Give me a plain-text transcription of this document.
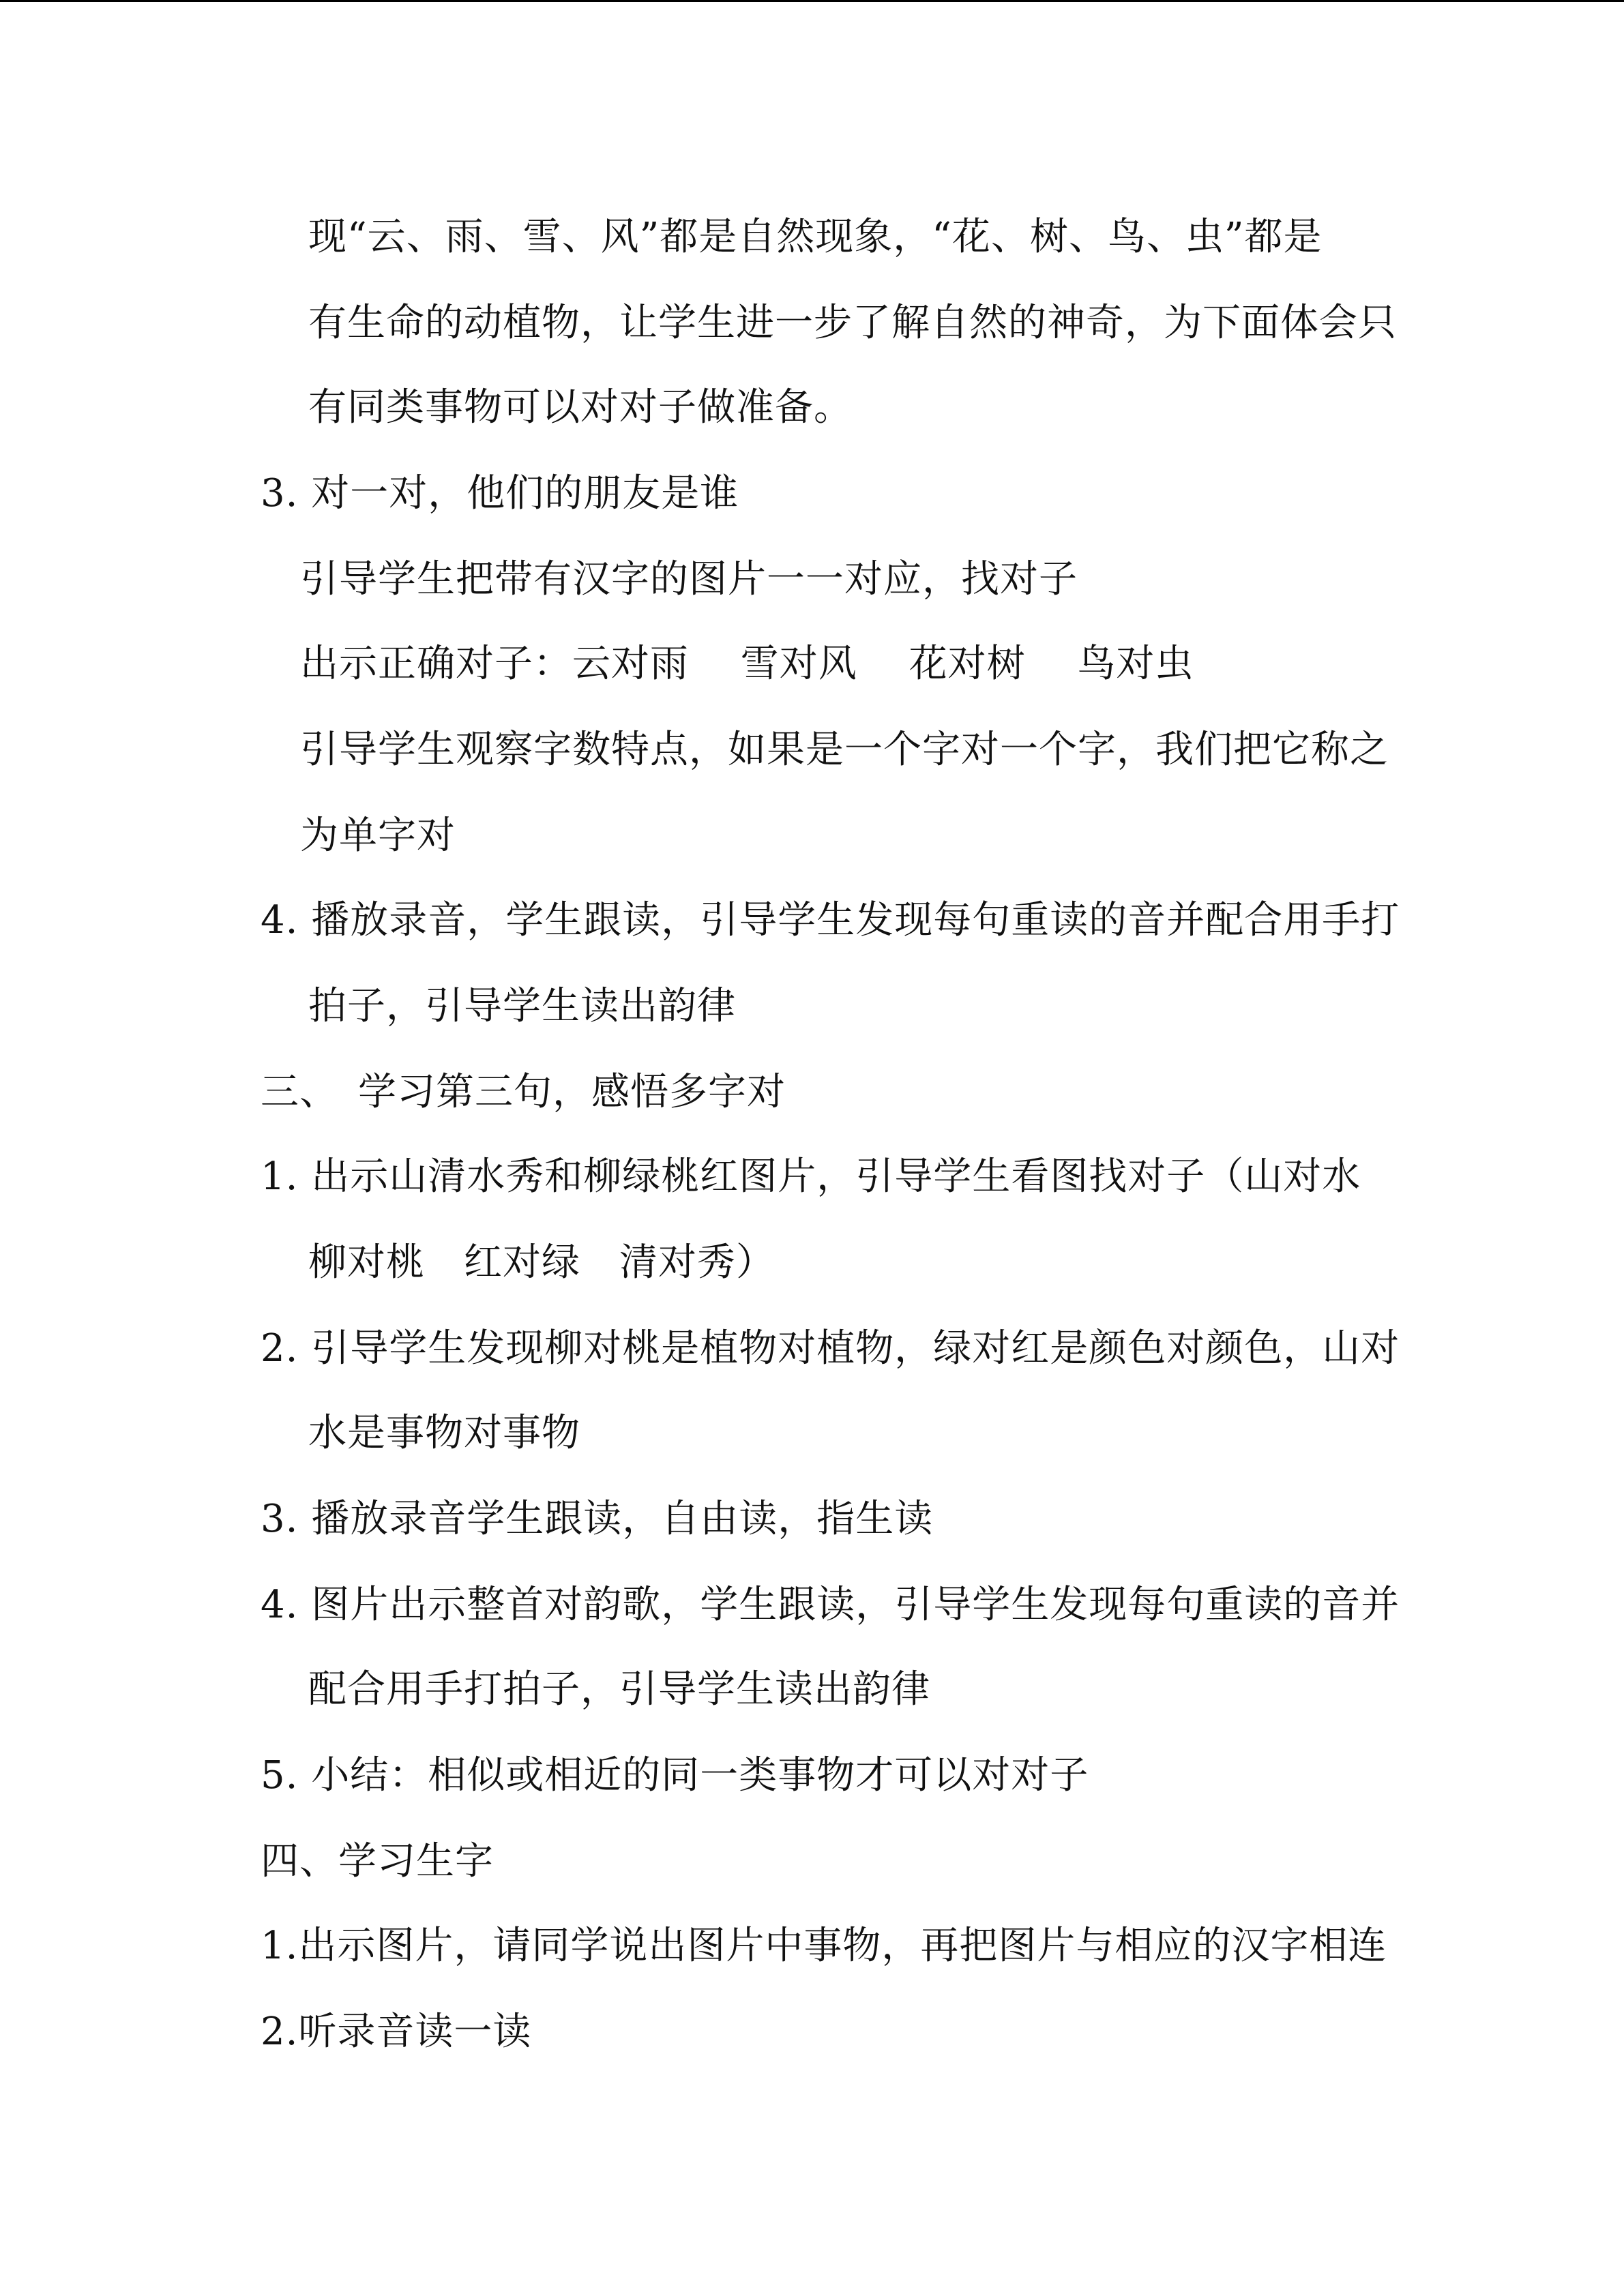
现“云、雨、雪、风”都是自然现象，“花、树、鸟、虫”都是
有生命的动植物，让学生进一步了解自然的神奇，为下面体会只
有同类事物可以对对子做准备。
3. 对一对，他们的朋友是谁
引导学生把带有汉字的图片一一对应，找对子
出示正确对子：云对雨　 雪对风　 花对树　 鸟对虫
引导学生观察字数特点，如果是一个字对一个字，我们把它称之
为单字对
4. 播放录音，学生跟读，引导学生发现每句重读的音并配合用手打
拍子，引导学生读出韵律
三、　学习第三句，感悟多字对
1. 出示山清水秀和柳绿桃红图片，引导学生看图找对子（山对水
柳对桃　红对绿　清对秀）
2. 引导学生发现柳对桃是植物对植物，绿对红是颜色对颜色，山对
水是事物对事物
3. 播放录音学生跟读，自由读，指生读
4. 图片出示整首对韵歌，学生跟读，引导学生发现每句重读的音并
配合用手打拍子，引导学生读出韵律
5. 小结：相似或相近的同一类事物才可以对对子
四、学习生字
1.出示图片，请同学说出图片中事物，再把图片与相应的汉字相连
2.听录音读一读
